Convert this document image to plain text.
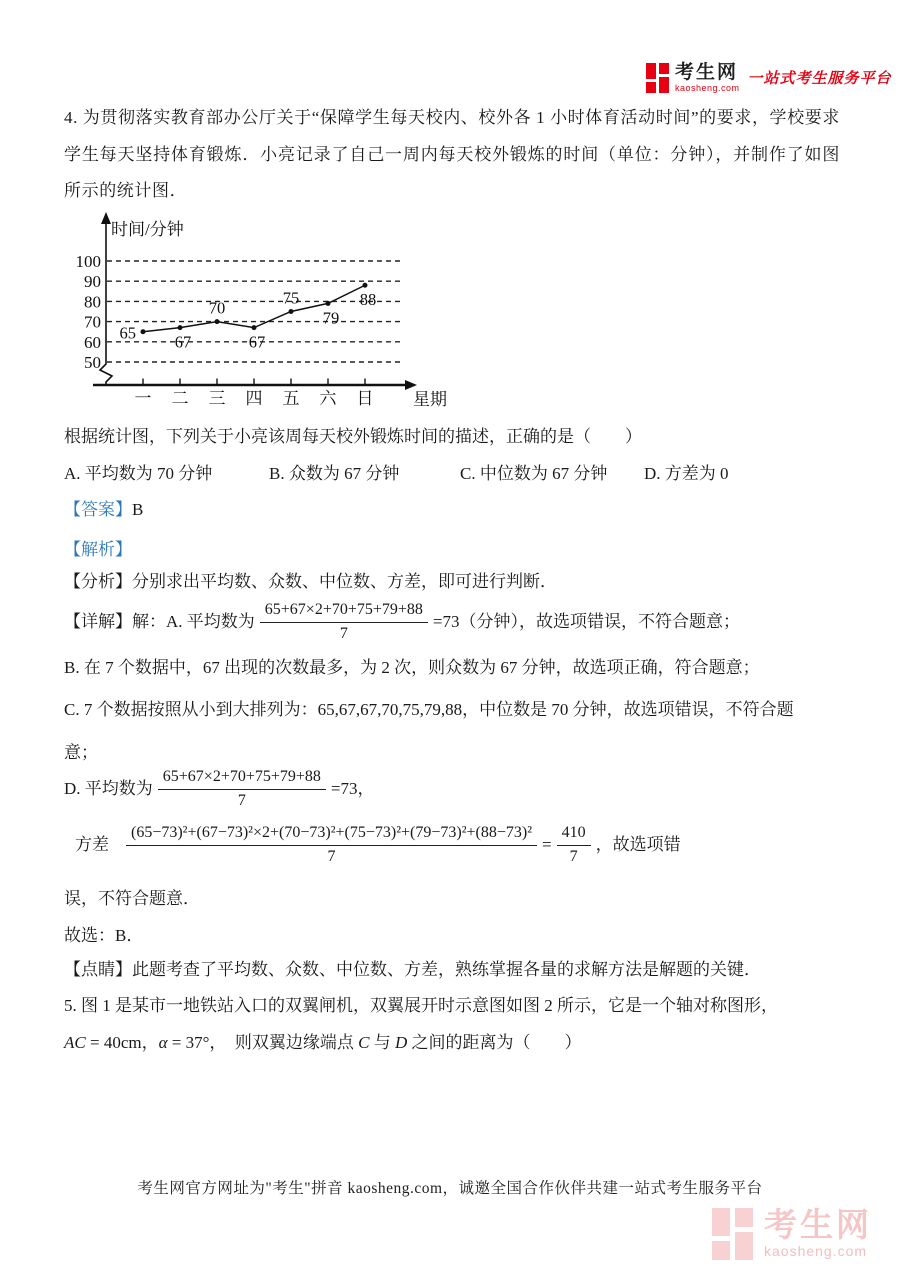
考生网
kaosheng.com
一站式考生服务平台

4. 为贯彻落实教育部办公厅关于“保障学生每天校内、校外各 1 小时体育活动时间”的要求，学校要求学生每天坚持体育锻炼．小亮记录了自己一周内每天校外锻炼的时间（单位：分钟），并制作了如图所示的统计图．

100
90
80
70
60
50
一 二 三 四 五 六 日
时间/分钟
星期
65 67
70
67
75
79
88
根据统计图，下列关于小亮该周每天校外锻炼时间的描述，正确的是（　　）
A. 平均数为 70 分钟	B. 众数为 67 分钟	C. 中位数为 67 分钟 D. 方差为 0
【答案】B
【解析】
【分析】分别求出平均数、众数、中位数、方差，即可进行判断．
【详解】 解：A. 平均数为 $\frac{65+67\times 2+70+75+79+88}{7} =73$（分钟），故选项错误，不符合题意；
B. 在 7 个数据中，67 出现的次数最多，为 2 次，则众数为 67 分钟，故选项正确，符合题意；
C. 7 个数据按照从小到大排列为：65,67,67,70,75,79,88，中位数是 70 分钟，故选项错误，不符合题
意；
D. 平均数为 $\frac{65+67\times 2+70+75+79+88}{7} =73$，
方差 $\frac{\text{(65−73)²+(67−73)²×2+(70−73)²+(75−73)²+(79−73)²+(88−73)²}}{7} = \frac{410}{7}$ ，故选项错
误，不符合题意．
故选：B．
【点睛】此题考查了平均数、众数、中位数、方差，熟练掌握各量的求解方法是解题的关键．
5. 图 1 是某市一地铁站入口的双翼闸机，双翼展开时示意图如图 2 所示，它是一个轴对称图形，
AC = 40cm，α = 37°，　则双翼边缘端点 C 与 D 之间的距离为（　　）
考生网官方网址为"考生"拼音 kaosheng.com，诚邀全国合作伙伴共建一站式考生服务平台
考生网
kaosheng.com
